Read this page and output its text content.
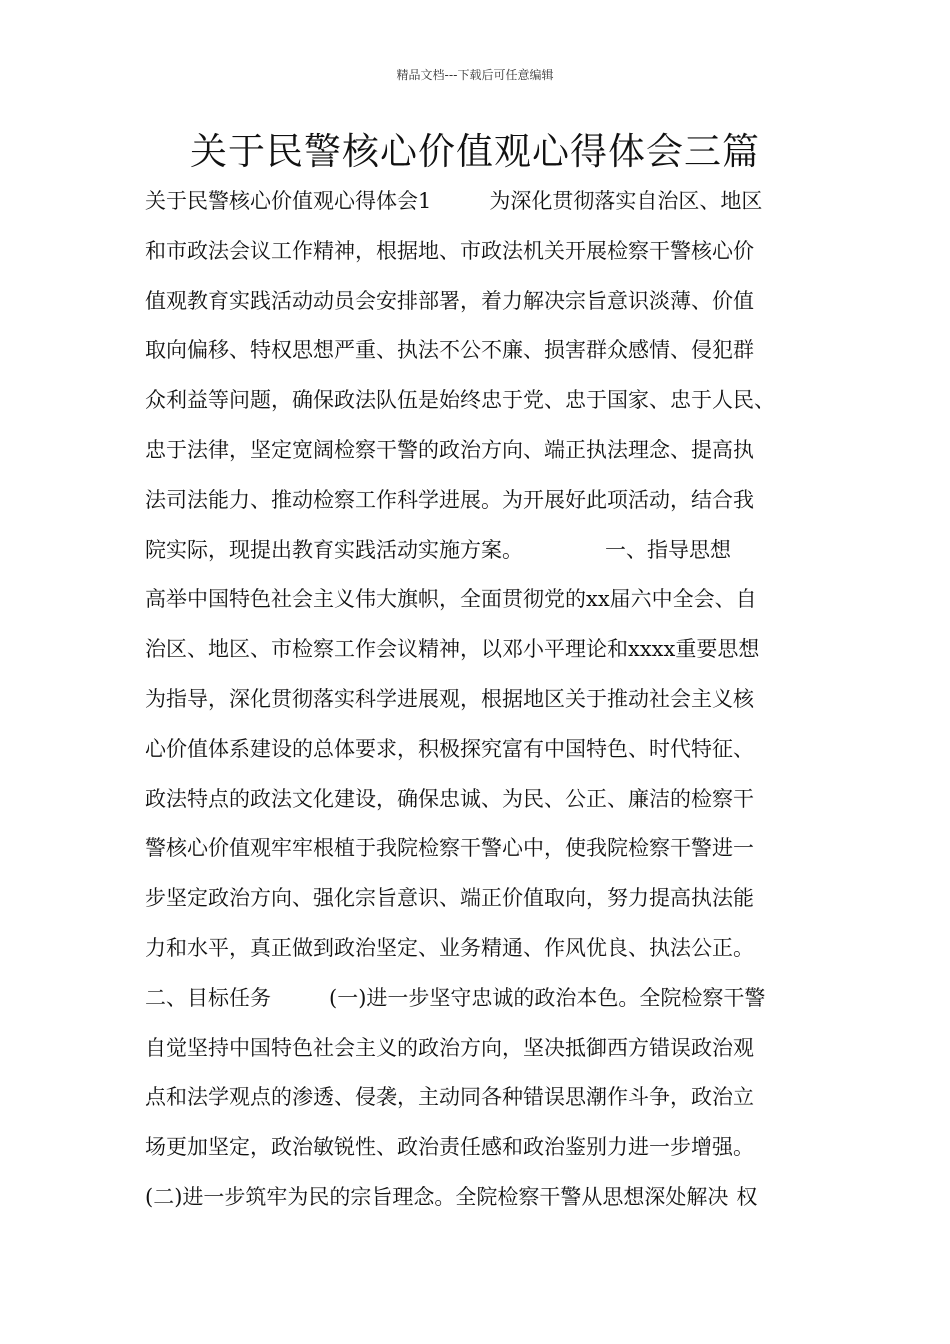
精品文档---下载后可任意编辑
关于民警核心价值观心得体会三篇
关于民警核心价值观心得体会1	为深化贯彻落实自治区、地区
和市政法会议工作精神，根据地、市政法机关开展检察干警核心价
值观教育实践活动动员会安排部署，着力解决宗旨意识淡薄、价值
取向偏移、特权思想严重、执法不公不廉、损害群众感情、侵犯群
众利益等问题，确保政法队伍是始终忠于党、忠于国家、忠于人民、
忠于法律，坚定宽阔检察干警的政治方向、端正执法理念、提高执
法司法能力、推动检察工作科学进展。为开展好此项活动，结合我
院实际，现提出教育实践活动实施方案。	一、指导思想
高举中国特色社会主义伟大旗帜，全面贯彻党的xx届六中全会、自
治区、地区、市检察工作会议精神，以邓小平理论和xxxx重要思想
为指导，深化贯彻落实科学进展观，根据地区关于推动社会主义核
心价值体系建设的总体要求，积极探究富有中国特色、时代特征、
政法特点的政法文化建设，确保忠诚、为民、公正、廉洁的检察干
警核心价值观牢牢根植于我院检察干警心中，使我院检察干警进一
步坚定政治方向、强化宗旨意识、端正价值取向，努力提高执法能
力和水平，真正做到政治坚定、业务精通、作风优良、执法公正。
二、目标任务	(一)进一步坚守忠诚的政治本色。全院检察干警
自觉坚持中国特色社会主义的政治方向，坚决抵御西方错误政治观
点和法学观点的渗透、侵袭，主动同各种错误思潮作斗争，政治立
场更加坚定，政治敏锐性、政治责任感和政治鉴别力进一步增强。
(二)进一步筑牢为民的宗旨理念。全院检察干警从思想深处解决 权
